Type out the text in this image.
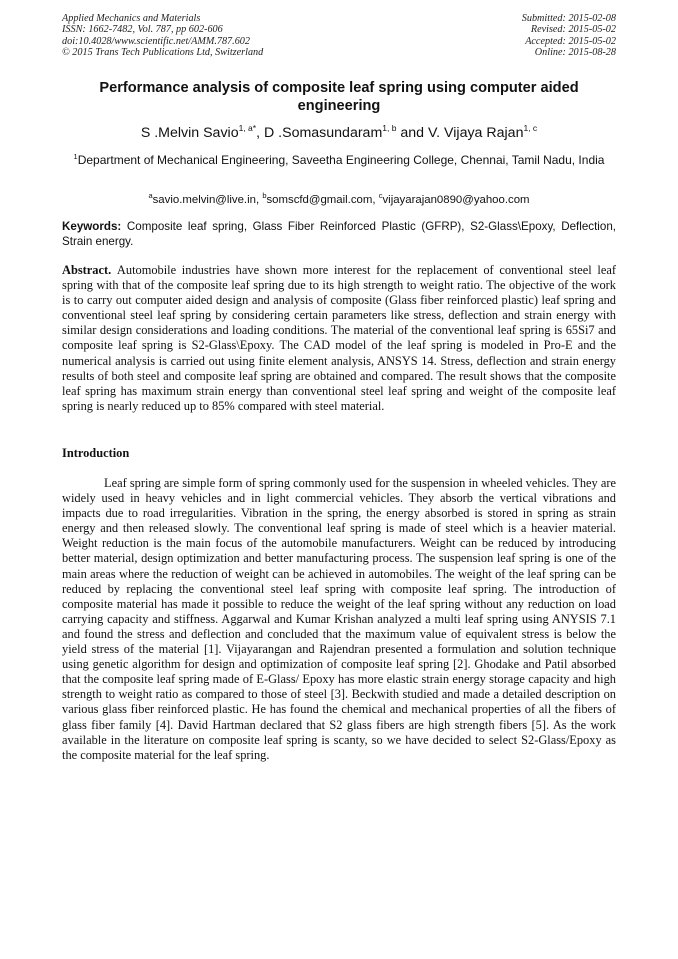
Applied Mechanics and Materials
ISSN: 1662-7482, Vol. 787, pp 602-606
doi:10.4028/www.scientific.net/AMM.787.602
© 2015 Trans Tech Publications Ltd, Switzerland
Submitted: 2015-02-08
Revised: 2015-05-02
Accepted: 2015-05-02
Online: 2015-08-28
Performance analysis of composite leaf spring using computer aided engineering
S .Melvin Savio$^{1, a*}$, D .Somasundaram$^{1, b}$ and V. Vijaya Rajan$^{1, c}$
$^1$Department of Mechanical Engineering, Saveetha Engineering College, Chennai, Tamil Nadu, India
$^a$savio.melvin@live.in, $^b$somscfd@gmail.com, $^c$vijayarajan0890@yahoo.com
Keywords: Composite leaf spring, Glass Fiber Reinforced Plastic (GFRP), S2-Glass\Epoxy, Deflection, Strain energy.
Abstract. Automobile industries have shown more interest for the replacement of conventional steel leaf spring with that of the composite leaf spring due to its high strength to weight ratio. The objective of the work is to carry out computer aided design and analysis of composite (Glass fiber reinforced plastic) leaf spring and conventional steel leaf spring by considering certain parameters like stress, deflection and strain energy with similar design considerations and loading conditions. The material of the conventional leaf spring is 65Si7 and composite leaf spring is S2-Glass\Epoxy. The CAD model of the leaf spring is modeled in Pro-E and the numerical analysis is carried out using finite element analysis, ANSYS 14. Stress, deflection and strain energy results of both steel and composite leaf spring are obtained and compared. The result shows that the composite leaf spring has maximum strain energy than conventional steel leaf spring and weight of the composite leaf spring is nearly reduced up to 85% compared with steel material.
Introduction
Leaf spring are simple form of spring commonly used for the suspension in wheeled vehicles. They are widely used in heavy vehicles and in light commercial vehicles. They absorb the vertical vibrations and impacts due to road irregularities. Vibration in the spring, the energy absorbed is stored in spring as strain energy and then released slowly. The conventional leaf spring is made of steel which is a heavier material. Weight reduction is the main focus of the automobile manufacturers. Weight can be reduced by introducing better material, design optimization and better manufacturing process. The suspension leaf spring is one of the main areas where the reduction of weight can be achieved in automobiles. The weight of the leaf spring can be reduced by replacing the conventional steel leaf spring with composite leaf spring. The introduction of composite material has made it possible to reduce the weight of the leaf spring without any reduction on load carrying capacity and stiffness. Aggarwal and Kumar Krishan analyzed a multi leaf spring using ANYSIS 7.1 and found the stress and deflection and concluded that the maximum value of equivalent stress is below the yield stress of the material [1]. Vijayarangan and Rajendran presented a formulation and solution technique using genetic algorithm for design and optimization of composite leaf spring [2]. Ghodake and Patil absorbed that the composite leaf spring made of E-Glass/ Epoxy has more elastic strain energy storage capacity and high strength to weight ratio as compared to those of steel [3]. Beckwith studied and made a detailed description on various glass fiber reinforced plastic. He has found the chemical and mechanical properties of all the fibers of glass fiber family [4]. David Hartman declared that S2 glass fibers are high strength fibers [5]. As the work available in the literature on composite leaf spring is scanty, so we have decided to select S2-Glass/Epoxy as the composite material for the leaf spring.
